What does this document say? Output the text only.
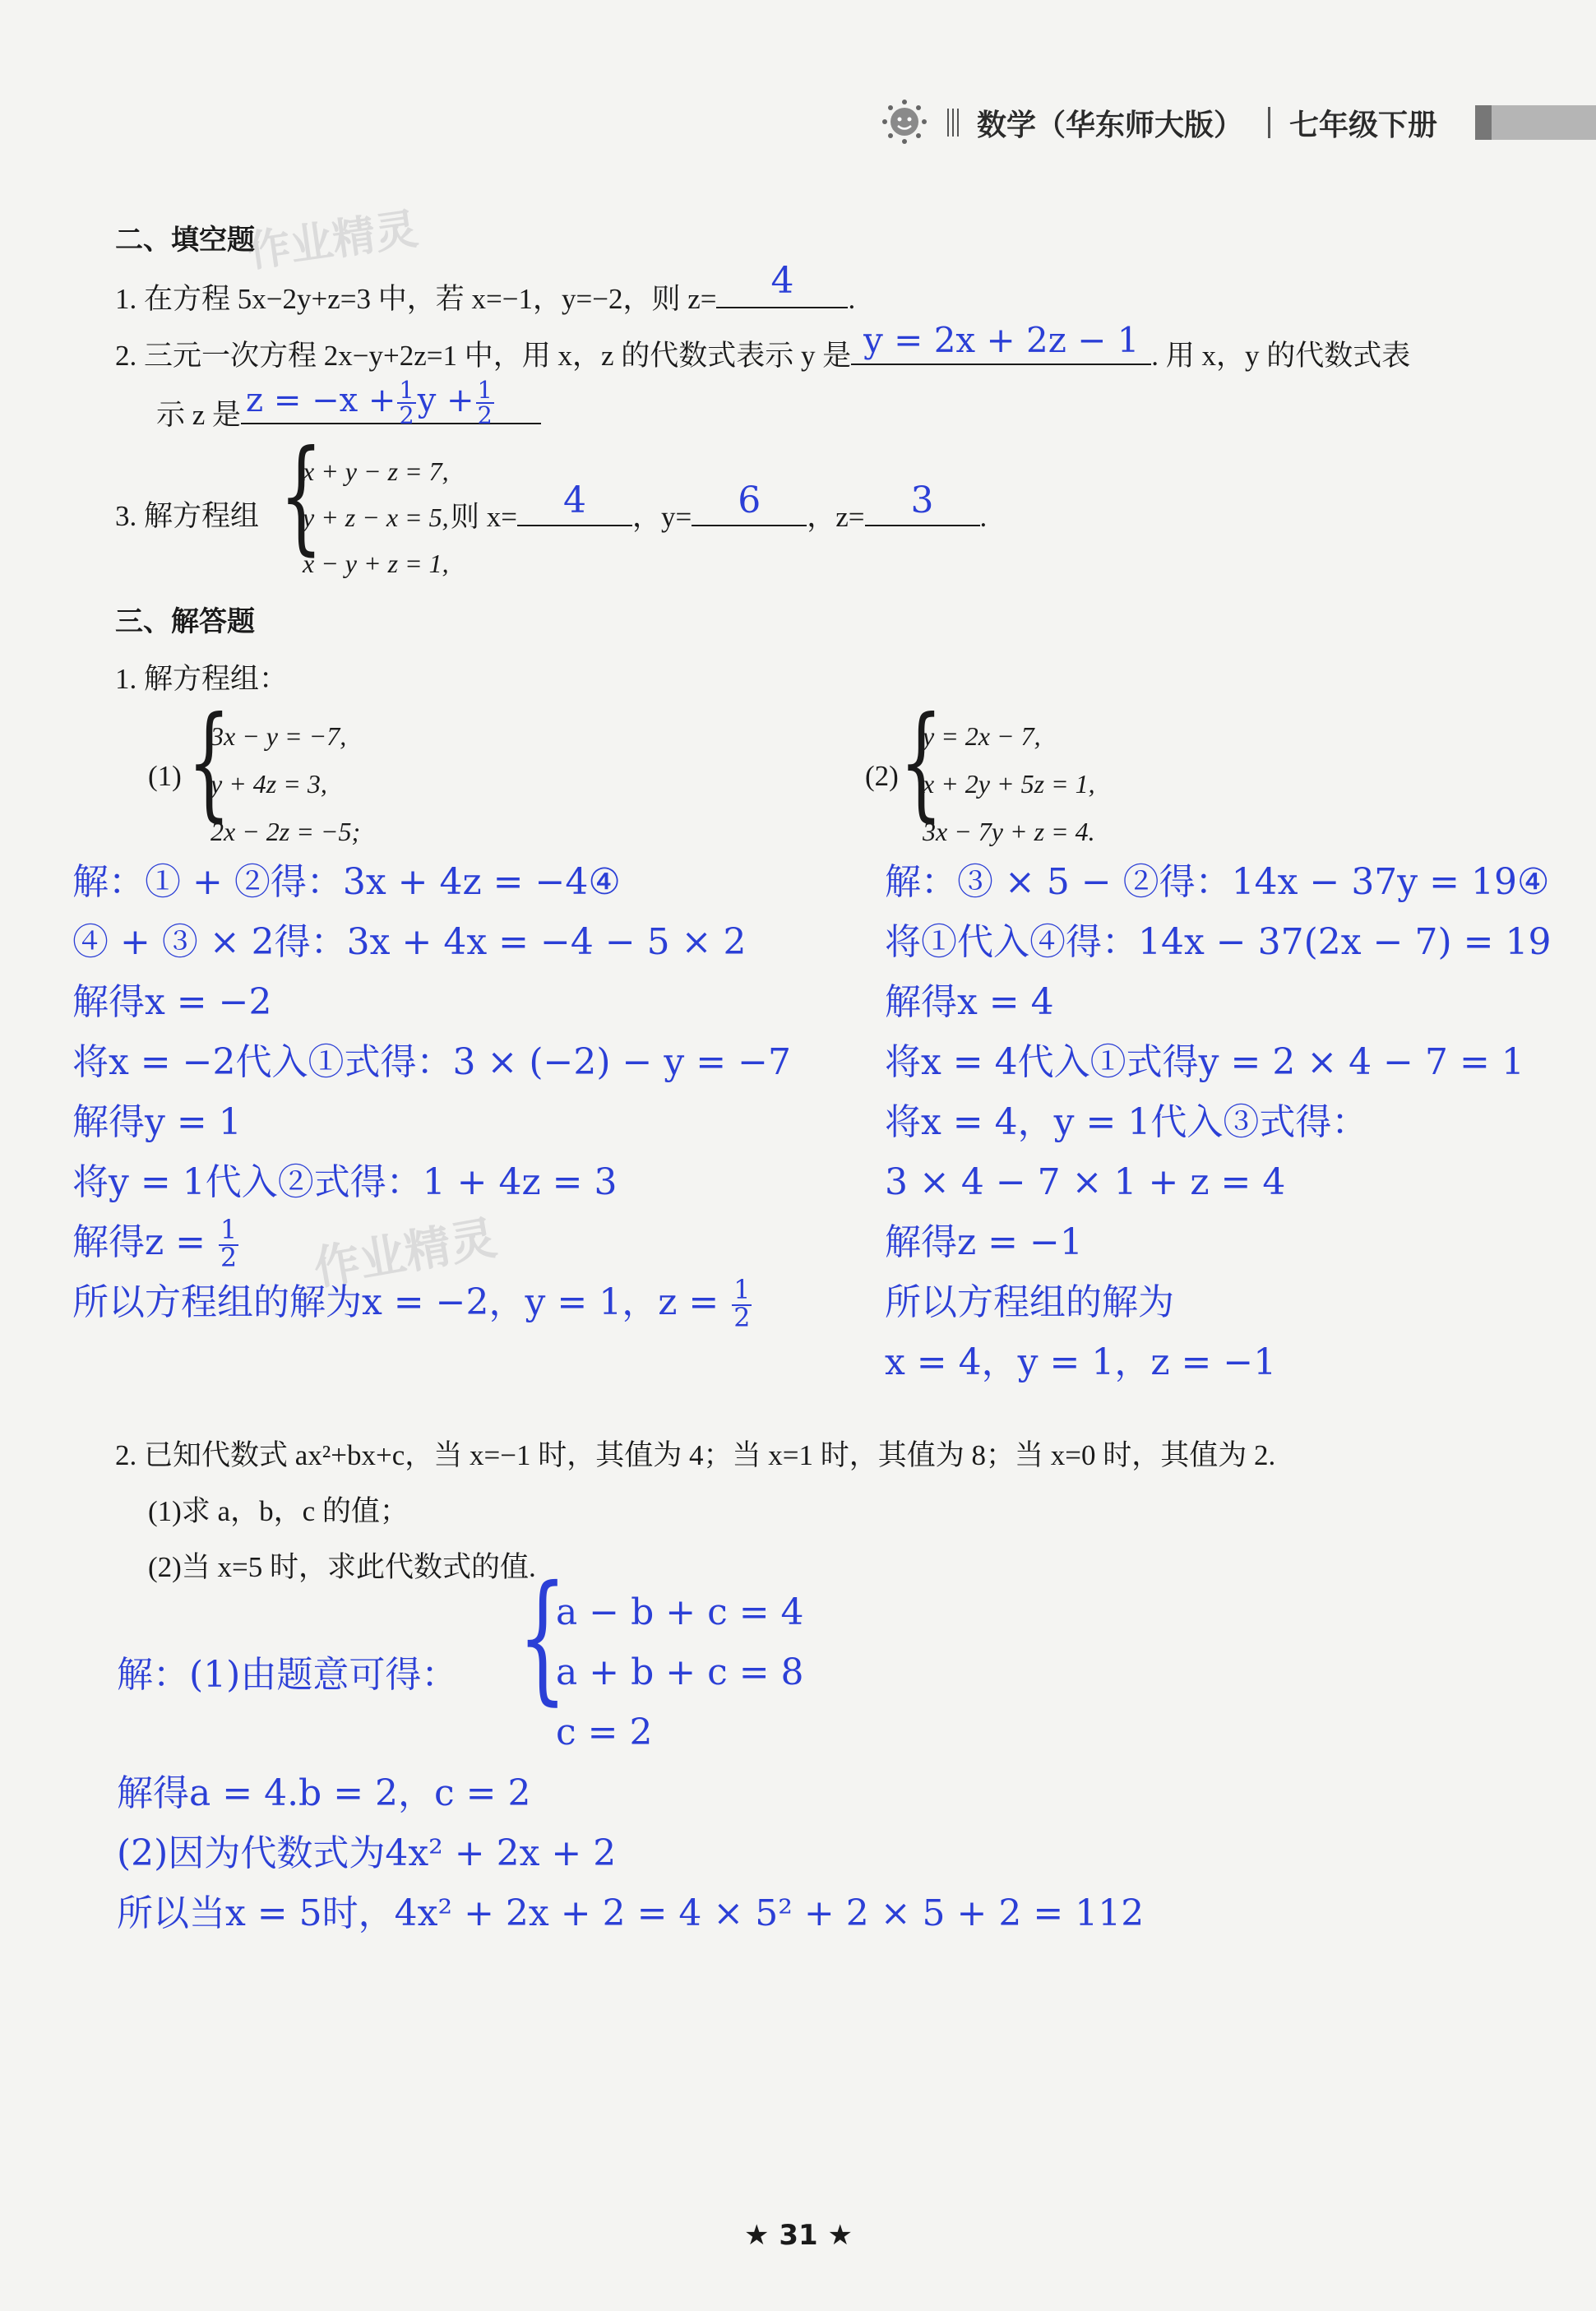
数学（华东师大版） 七年级下册
作业精灵
作业精灵
二、填空题
1. 在方程 5x−2y+z=3 中，若 x=−1，y=−2，则 z=	4	.
2. 三元一次方程 2x−y+2z=1 中，用 x，z 的代数式表示 y 是 y = 2x + 2z − 1 . 用 x，y 的代数式表
示 z 是 $z = -x + \frac{1}{2}$ $y + \frac{1}{2}$
3. 解方程组 {
x + y − z = 7,
y + z − x = 5,
x − y + z = 1,
则 x=	4	，y=	6	，z=	3	.
三、解答题
1. 解方程组：
(1) {
3x − y = −7,
y + 4z = 3,
2x − 2z = −5;
(2) {
y = 2x − 7,
x + 2y + 5z = 1,
3x − 7y + z = 4.
解：① + ②得：3x + 4z = −4④
④ + ③ × 2得：3x + 4x = −4 − 5 × 2
解得x = −2
将x = −2代入①式得：3 × (−2) − y = −7
解得y = 1
将y = 1代入②式得：1 + 4z = 3
解得$z = \frac{1}{2}$
所以方程组的解为x = −2，y = 1，$z = \frac{1}{2}$
解：③ × 5 − ②得：14x − 37y = 19④
将①代入④得：14x − 37(2x − 7) = 19
解得x = 4
将x = 4代入①式得y = 2 × 4 − 7 = 1
将x = 4，y = 1代入③式得：
3 × 4 − 7 × 1 + z = 4
解得z = −1
所以方程组的解为
x = 4，y = 1，z = −1
2. 已知代数式 ax²+bx+c，当 x=−1 时，其值为 4；当 x=1 时，其值为 8；当 x=0 时，其值为 2.
(1)求 a，b，c 的值；
(2)当 x=5 时，求此代数式的值.
解：(1)由题意可得： {
a − b + c = 4
a + b + c = 8
c = 2
解得a = 4.b = 2，c = 2
(2)因为代数式为4x² + 2x + 2
所以当x = 5时，4x² + 2x + 2 = 4 × 5² + 2 × 5 + 2 = 112
★ 31 ★
